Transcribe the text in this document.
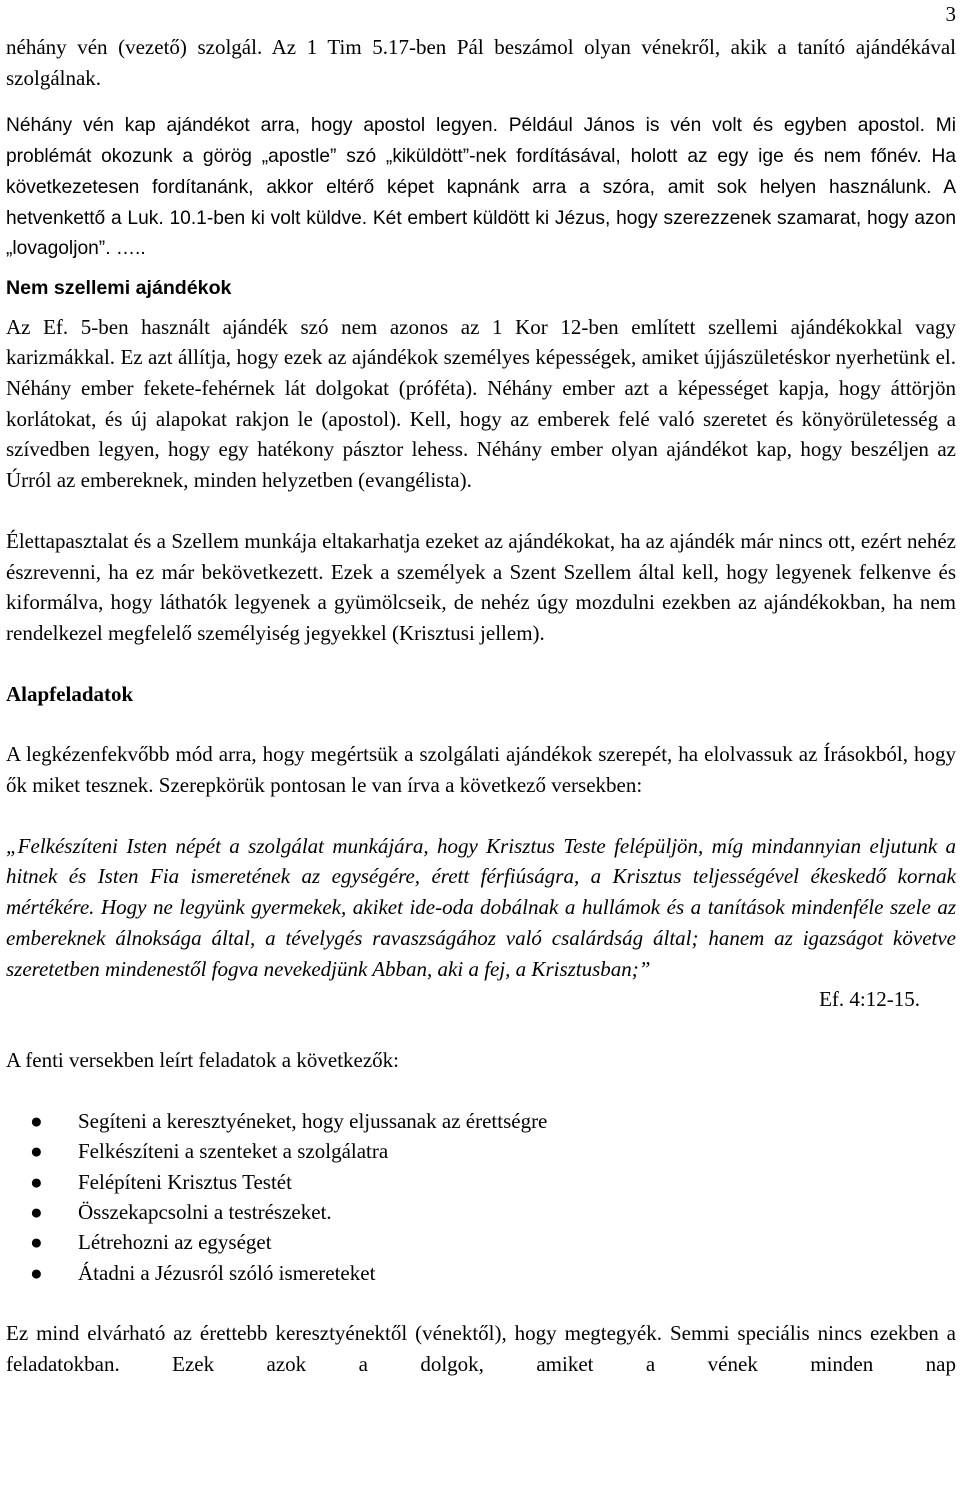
3

néhány vén (vezető) szolgál. Az 1 Tim 5.17-ben Pál beszámol olyan vénekről, akik a tanító ajándékával szolgálnak.

Néhány vén kap ajándékot arra, hogy apostol legyen. Például János is vén volt és egyben apostol. Mi problémát okozunk a görög „apostle” szó „kiküldött”-nek fordításával, holott az egy ige és nem főnév. Ha következetesen fordítanánk, akkor eltérő képet kapnánk arra a szóra, amit sok helyen használunk. A hetvenkettő a Luk. 10.1-ben ki volt küldve. Két embert küldött ki Jézus, hogy szerezzenek szamarat, hogy azon „lovagoljon”. …..

Nem szellemi ajándékok

Az Ef. 5-ben használt ajándék szó nem azonos az 1 Kor 12-ben említett szellemi ajándékokkal vagy karizmákkal. Ez azt állítja, hogy ezek az ajándékok személyes képességek, amiket újjászületéskor nyerhetünk el. Néhány ember fekete-fehérnek lát dolgokat (próféta). Néhány ember azt a képességet kapja, hogy áttörjön korlátokat, és új alapokat rakjon le (apostol). Kell, hogy az emberek felé való szeretet és könyörületesség a szívedben legyen, hogy egy hatékony pásztor lehess. Néhány ember olyan ajándékot kap, hogy beszéljen az Úrról az embereknek, minden helyzetben (evangélista).

Élettapasztalat és a Szellem munkája eltakarhatja ezeket az ajándékokat, ha az ajándék már nincs ott, ezért nehéz észrevenni, ha ez már bekövetkezett. Ezek a személyek a Szent Szellem által kell, hogy legyenek felkenve és kiformálva, hogy láthatók legyenek a gyümölcseik, de nehéz úgy mozdulni ezekben az ajándékokban, ha nem rendelkezel megfelelő személyiség jegyekkel (Krisztusi jellem).

Alapfeladatok

A legkézenfekvőbb mód arra, hogy megértsük a szolgálati ajándékok szerepét, ha elolvassuk az Írásokból, hogy ők miket tesznek. Szerepkörük pontosan le van írva a következő versekben:

„Felkészíteni Isten népét a szolgálat munkájára, hogy Krisztus Teste felépüljön, míg mindannyian eljutunk a hitnek és Isten Fia ismeretének az egységére, érett férfiúságra, a Krisztus teljességével ékeskedő kornak mértékére. Hogy ne legyünk gyermekek, akiket ide-oda dobálnak a hullámok és a tanítások mindenféle szele az embereknek álnoksága által, a tévelygés ravaszságához való csalárdság által; hanem az igazságot követve szeretetben mindenestől fogva nevekedjünk Abban, aki a fej, a Krisztusban;”

Ef. 4:12-15.

A fenti versekben leírt feladatok a következők:

● Segíteni a keresztyéneket, hogy eljussanak az érettségre
● Felkészíteni a szenteket a szolgálatra
● Felépíteni Krisztus Testét
● Összekapcsolni a testrészeket.
● Létrehozni az egységet
● Átadni a Jézusról szóló ismereteket

Ez mind elvárható az érettebb keresztyénektől (vénektől), hogy megtegyék. Semmi speciális nincs ezekben a feladatokban. Ezek azok a dolgok, amiket a vének minden nap
